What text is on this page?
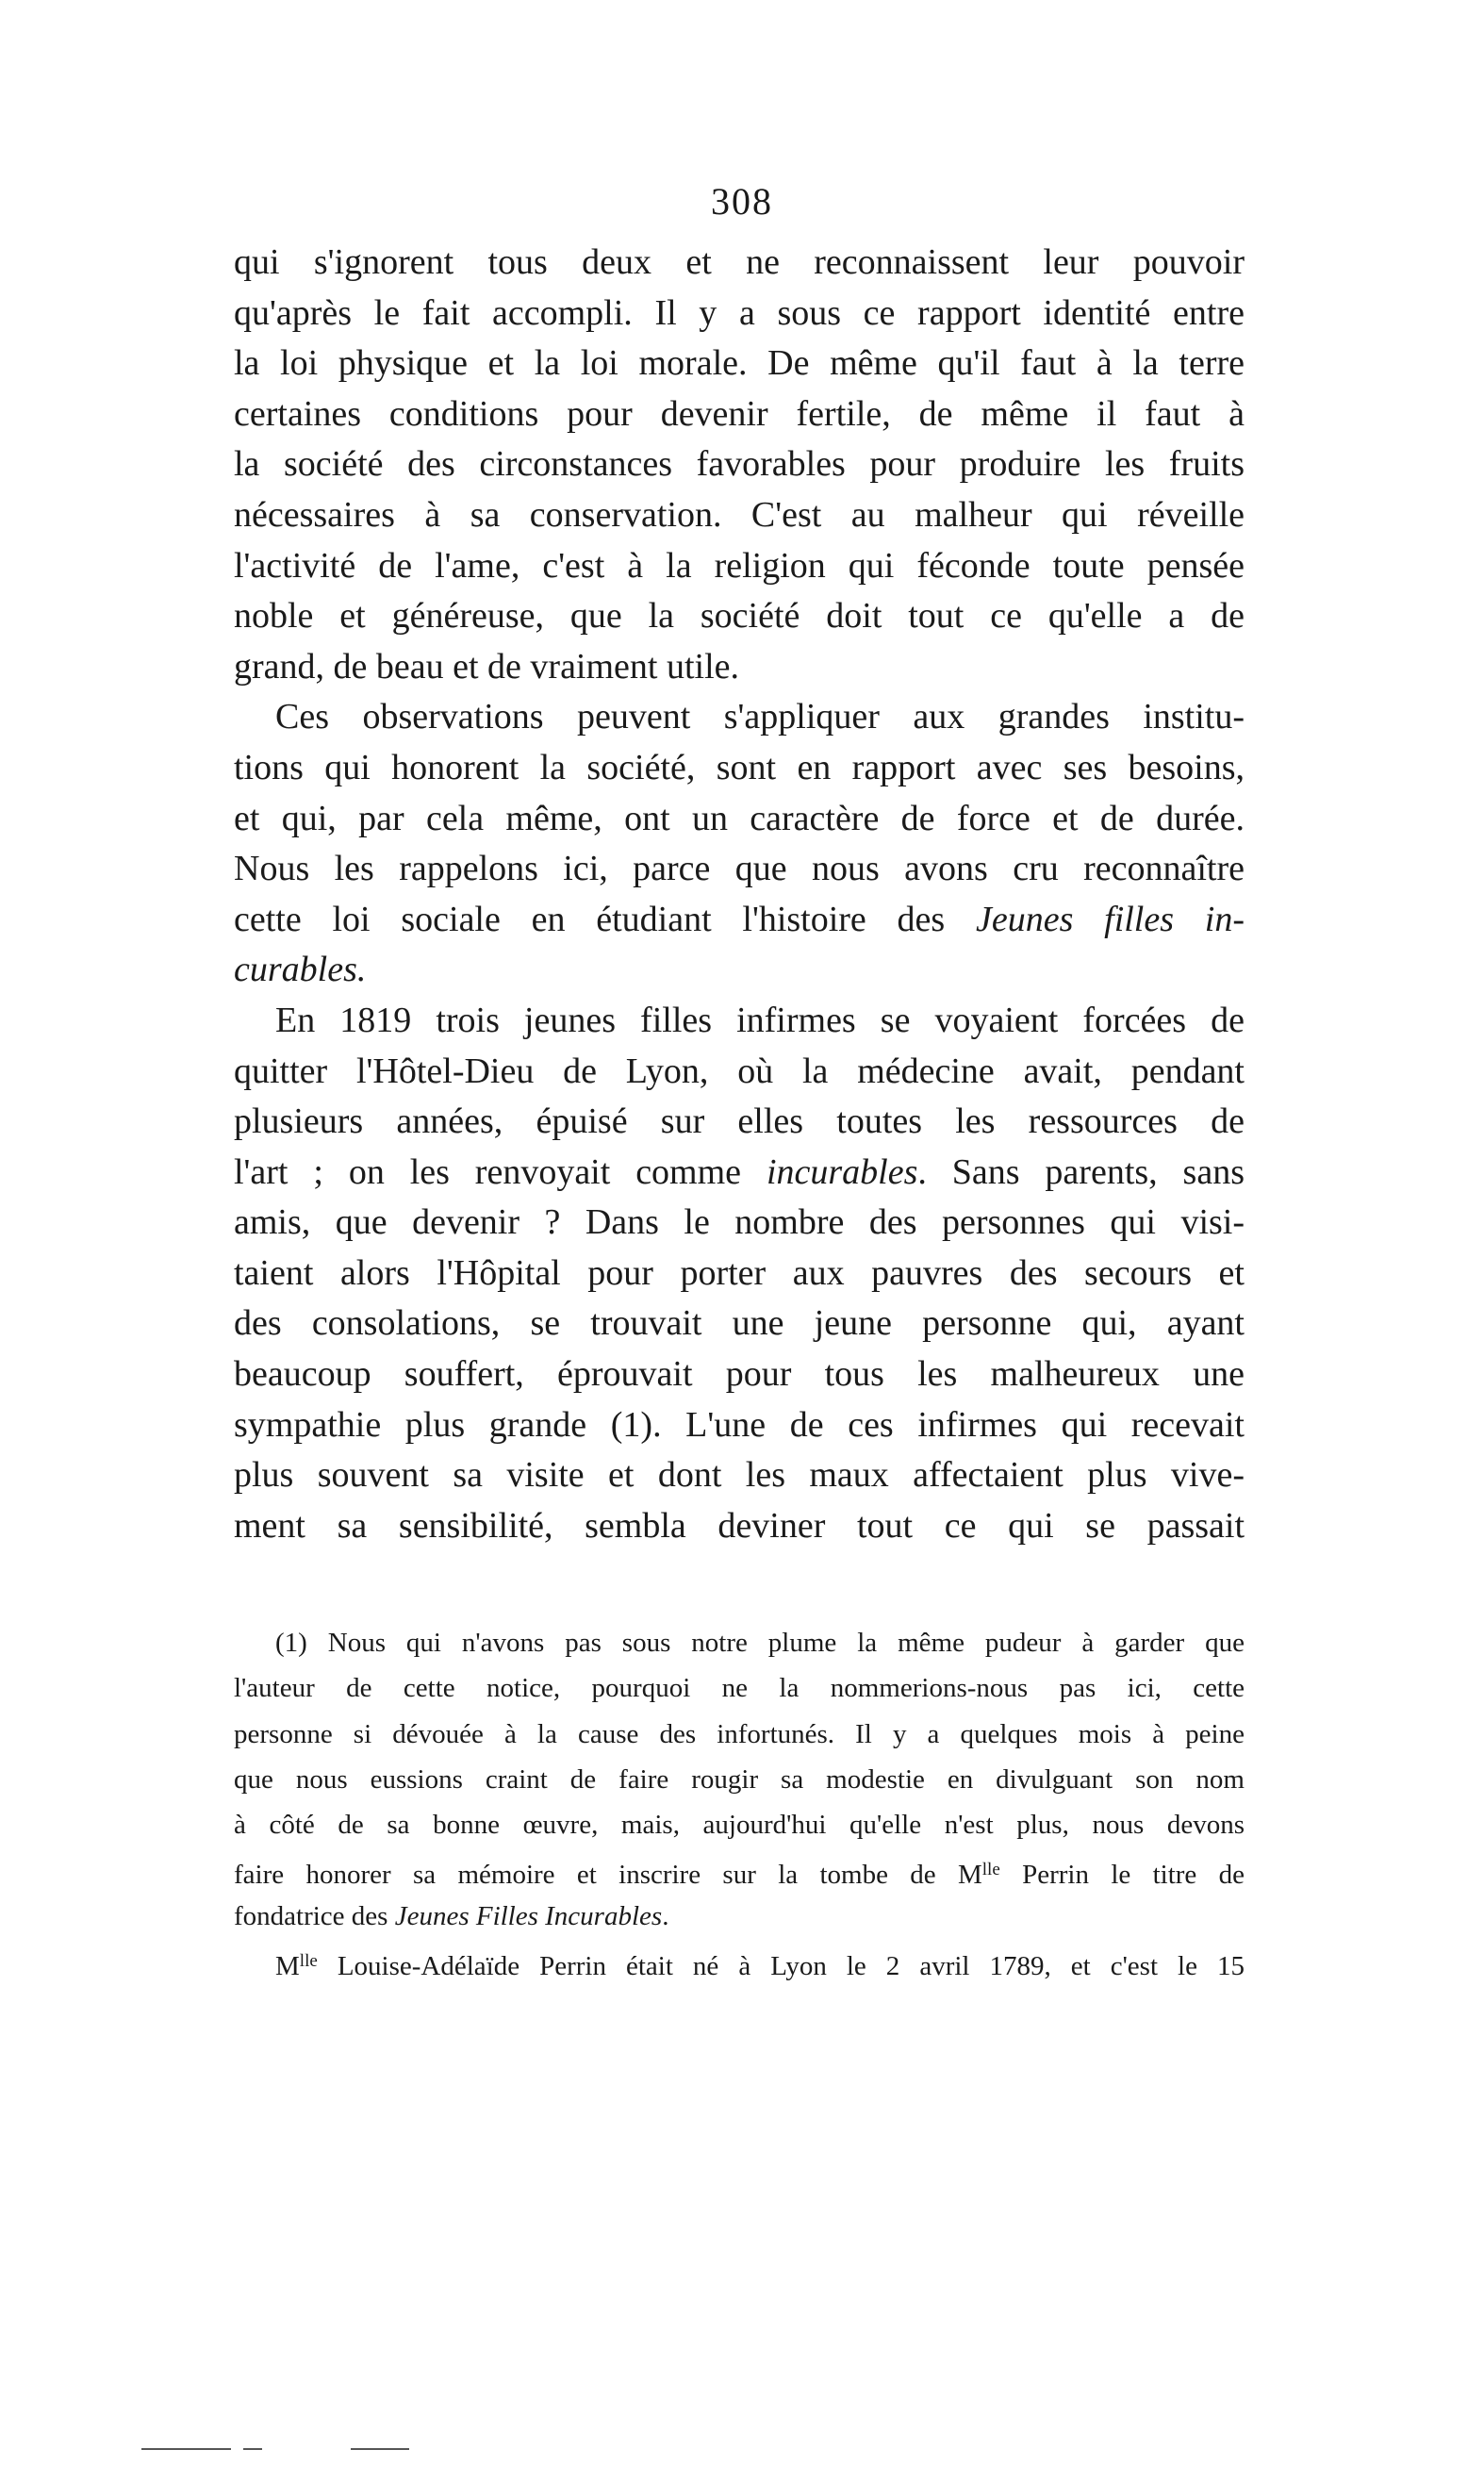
308
qui s'ignorent tous deux et ne reconnaissent leur pouvoir
qu'après le fait accompli. Il y a sous ce rapport identité entre
la loi physique et la loi morale. De même qu'il faut à la terre
certaines conditions pour devenir fertile, de même il faut à
la société des circonstances favorables pour produire les fruits
nécessaires à sa conservation. C'est au malheur qui réveille
l'activité de l'ame, c'est à la religion qui féconde toute pensée
noble et généreuse, que la société doit tout ce qu'elle a de
grand, de beau et de vraiment utile.
Ces observations peuvent s'appliquer aux grandes institu-
tions qui honorent la société, sont en rapport avec ses besoins,
et qui, par cela même, ont un caractère de force et de durée.
Nous les rappelons ici, parce que nous avons cru reconnaître
cette loi sociale en étudiant l'histoire des Jeunes filles in-
curables.
En 1819 trois jeunes filles infirmes se voyaient forcées de
quitter l'Hôtel-Dieu de Lyon, où la médecine avait, pendant
plusieurs années, épuisé sur elles toutes les ressources de
l'art ; on les renvoyait comme incurables. Sans parents, sans
amis, que devenir ? Dans le nombre des personnes qui visi-
taient alors l'Hôpital pour porter aux pauvres des secours et
des consolations, se trouvait une jeune personne qui, ayant
beaucoup souffert, éprouvait pour tous les malheureux une
sympathie plus grande (1). L'une de ces infirmes qui recevait
plus souvent sa visite et dont les maux affectaient plus vive-
ment sa sensibilité, sembla deviner tout ce qui se passait
(1) Nous qui n'avons pas sous notre plume la même pudeur à garder que
l'auteur de cette notice, pourquoi ne la nommerions-nous pas ici, cette
personne si dévouée à la cause des infortunés. Il y a quelques mois à peine
que nous eussions craint de faire rougir sa modestie en divulguant son nom
à côté de sa bonne œuvre, mais, aujourd'hui qu'elle n'est plus, nous devons
faire honorer sa mémoire et inscrire sur la tombe de $M^{lle}$ Perrin le titre de
fondatrice des Jeunes Filles Incurables.
$M^{lle}$ Louise-Adélaïde Perrin était né à Lyon le 2 avril 1789, et c'est le 15
